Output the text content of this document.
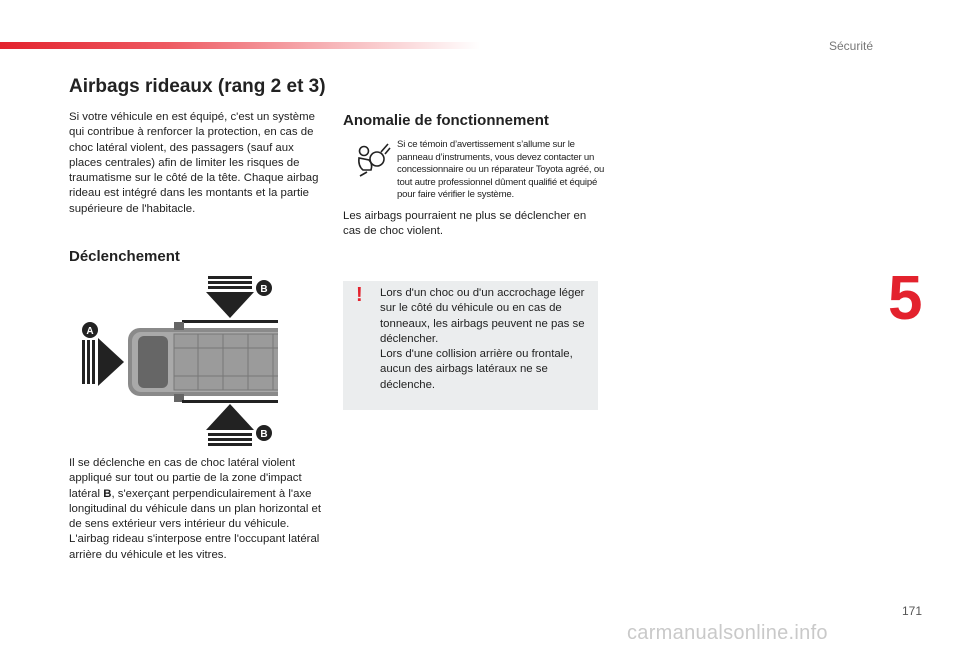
Sécurité
5
Airbags rideaux (rang 2 et 3)
Si votre véhicule en est équipé, c'est un système qui contribue à renforcer la protection, en cas de choc latéral violent, des passagers (sauf aux places centrales) afin de limiter les risques de traumatisme sur le côté de la tête. Chaque airbag rideau est intégré dans les montants et la partie supérieure de l'habitacle.
Déclenchement
B
A
B
Il se déclenche en cas de choc latéral violent appliqué sur tout ou partie de la zone d'impact latéral B, s'exerçant perpendiculairement à l'axe longitudinal du véhicule dans un plan horizontal et de sens extérieur vers intérieur du véhicule.
L'airbag rideau s'interpose entre l'occupant latéral arrière du véhicule et les vitres.
Anomalie de fonctionnement
Si ce témoin d’avertissement s’allume sur le panneau d’instruments, vous devez contacter un concessionnaire ou un réparateur Toyota agréé, ou tout autre professionnel dûment qualifié et équipé pour faire vérifier le système.
Les airbags pourraient ne plus se déclencher en cas de choc violent.
! Lors d'un choc ou d'un accrochage léger sur le côté du véhicule ou en cas de tonneaux, les airbags peuvent ne pas se déclencher.
Lors d'une collision arrière ou frontale, aucun des airbags latéraux ne se déclenche.
171
carmanualsonline.info
